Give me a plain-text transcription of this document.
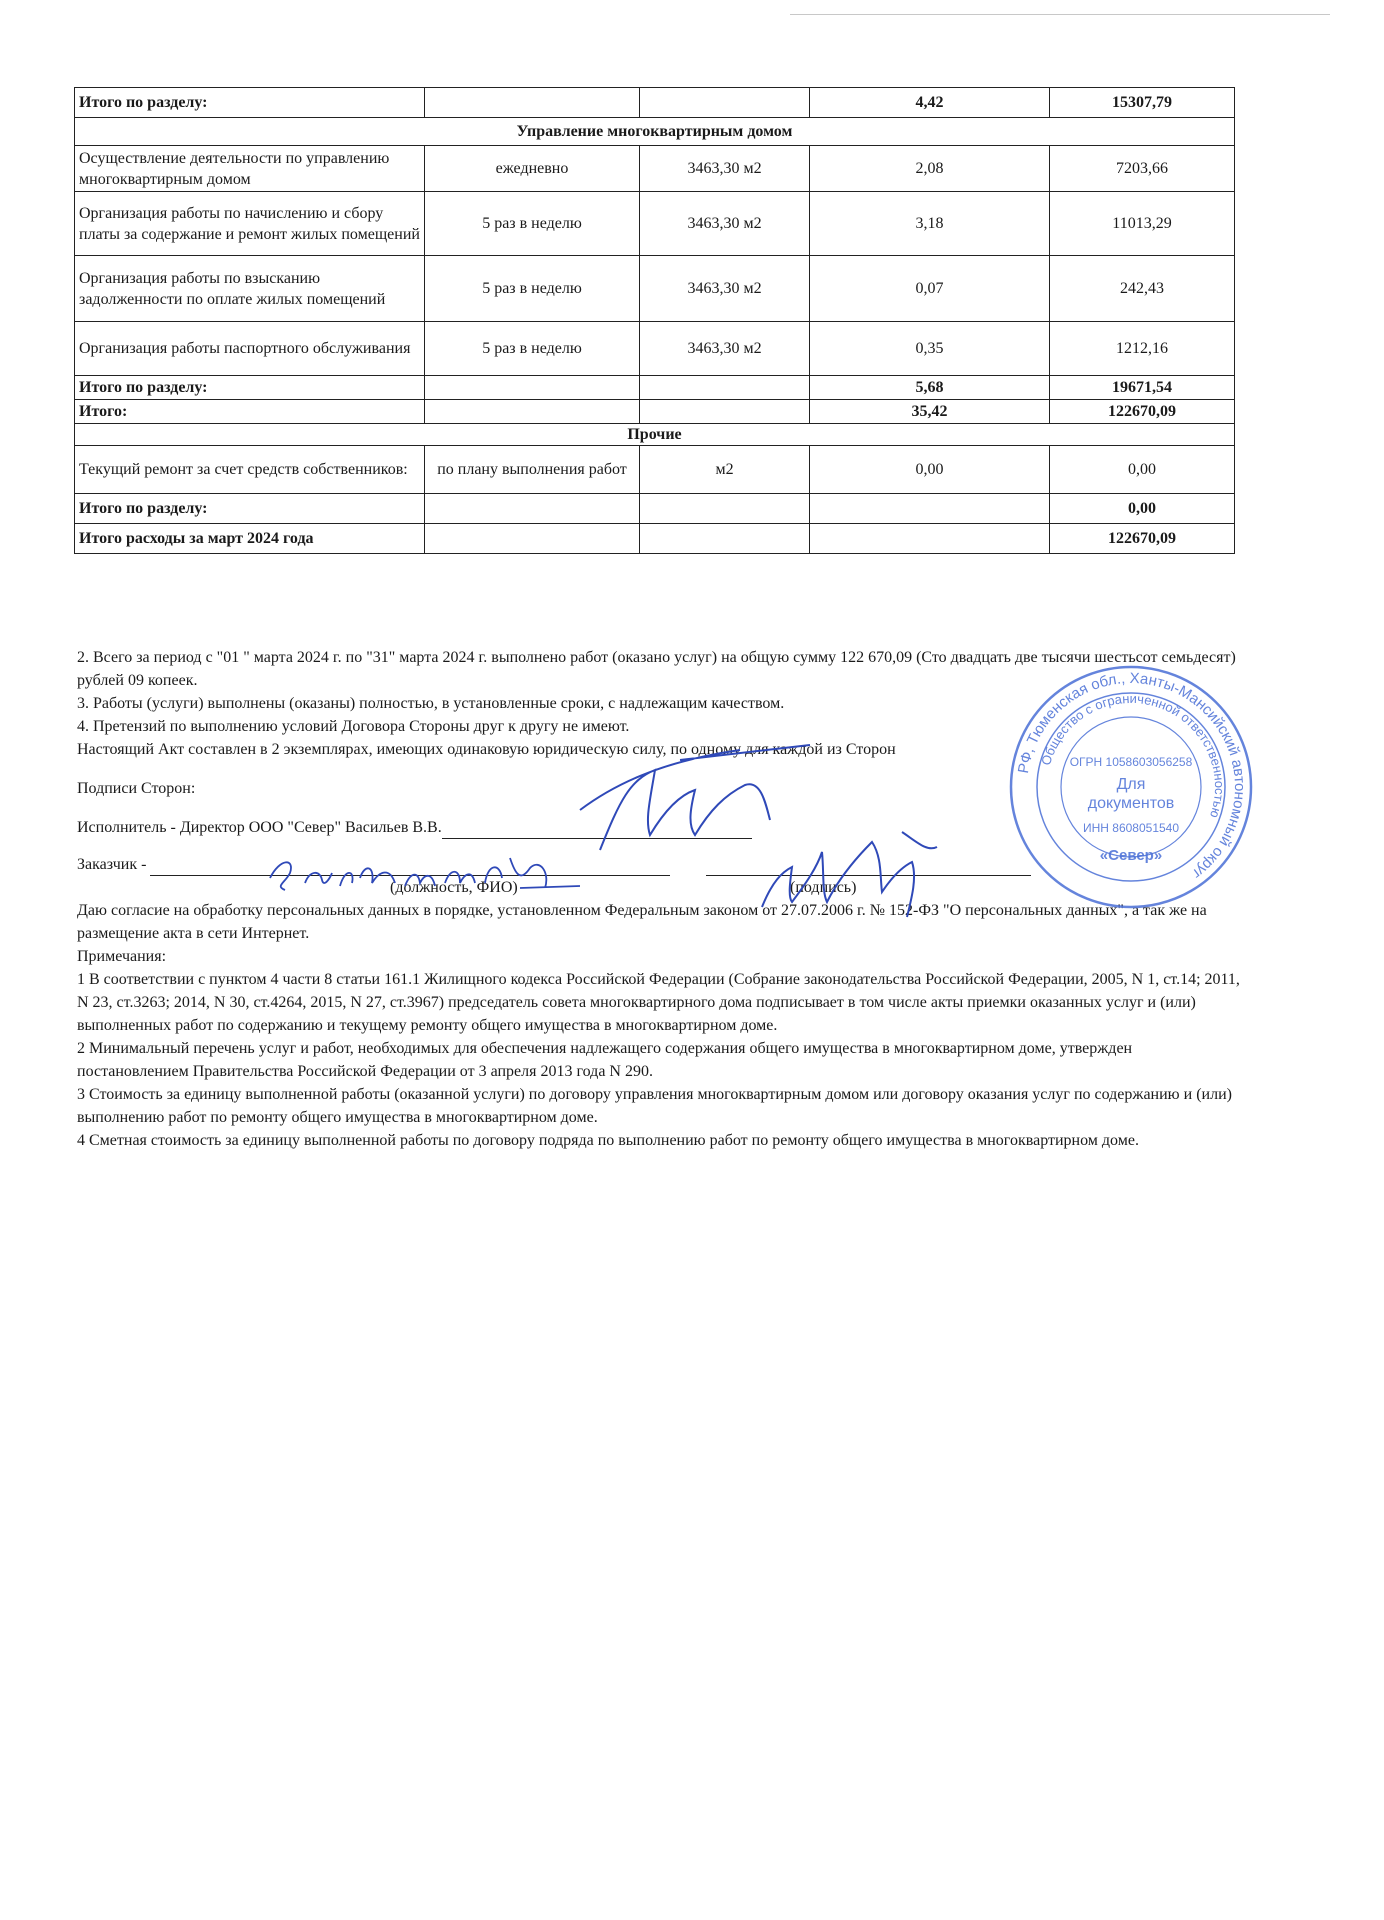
Итого по разделу:			4,42	15307,79
Управление многоквартирным домом				
Осуществление деятельности по управлению многоквартирным домом	ежедневно	3463,30 м2	2,08	7203,66
Организация работы по начислению и сбору платы за содержание и ремонт жилых помещений	5 раз в неделю	3463,30 м2	3,18	11013,29
Организация работы по взысканию задолженности по оплате жилых помещений	5 раз в неделю	3463,30 м2	0,07	242,43
Организация работы паспортного обслуживания	5 раз в неделю	3463,30 м2	0,35	1212,16
Итого по разделу:			5,68	19671,54
Итого:			35,42	122670,09
Прочие				
Текущий ремонт за счет средств собственников:	по плану выполнения работ	м2	0,00	0,00
Итого по разделу:				0,00
Итого расходы за март 2024 года				122670,09

2. Всего за период с "01 " марта 2024 г. по "31" марта 2024 г. выполнено работ (оказано услуг) на общую сумму 122 670,09 (Сто двадцать две тысячи шестьсот семьдесят) рублей 09 копеек.

3. Работы (услуги) выполнены (оказаны) полностью, в установленные сроки, с надлежащим качеством.

4. Претензий по выполнению условий Договора Стороны друг к другу не имеют.

Настоящий Акт составлен в 2 экземплярах, имеющих одинаковую юридическую силу, по одному для каждой из Сторон

Подписи Сторон:

Исполнитель - Директор ООО "Север" Васильев В.В.

Заказчик -

(должность, ФИО)	(подпись)

Даю согласие на обработку персональных данных в порядке, установленном Федеральным законом от 27.07.2006 г. № 152-ФЗ "О персональных данных", а так же на размещение акта в сети Интернет.

Примечания:

1 В соответствии с пунктом 4 части 8 статьи 161.1 Жилищного кодекса Российской Федерации (Собрание законодательства Российской Федерации, 2005, N 1, ст.14; 2011, N 23, ст.3263; 2014, N 30, ст.4264, 2015, N 27, ст.3967) председатель совета многоквартирного дома подписывает в том числе акты приемки оказанных услуг и (или) выполненных работ по содержанию и текущему ремонту общего имущества в многоквартирном доме.

2 Минимальный перечень услуг и работ, необходимых для обеспечения надлежащего содержания общего имущества в многоквартирном доме, утвержден постановлением Правительства Российской Федерации от 3 апреля 2013 года N 290.

3 Стоимость за единицу выполненной работы (оказанной услуги) по договору управления многоквартирным домом или договору оказания услуг по содержанию и (или) выполнению работ по ремонту общего имущества в многоквартирном доме.

4 Сметная стоимость за единицу выполненной работы по договору подряда по выполнению работ по ремонту общего имущества в многоквартирном доме.

РФ, Тюменская обл., Ханты-Мансийский автономный округ
Общество с ограниченной ответственностью
ОГРН 1058603056258
Для
документов
ИНН 8608051540
«Север»
